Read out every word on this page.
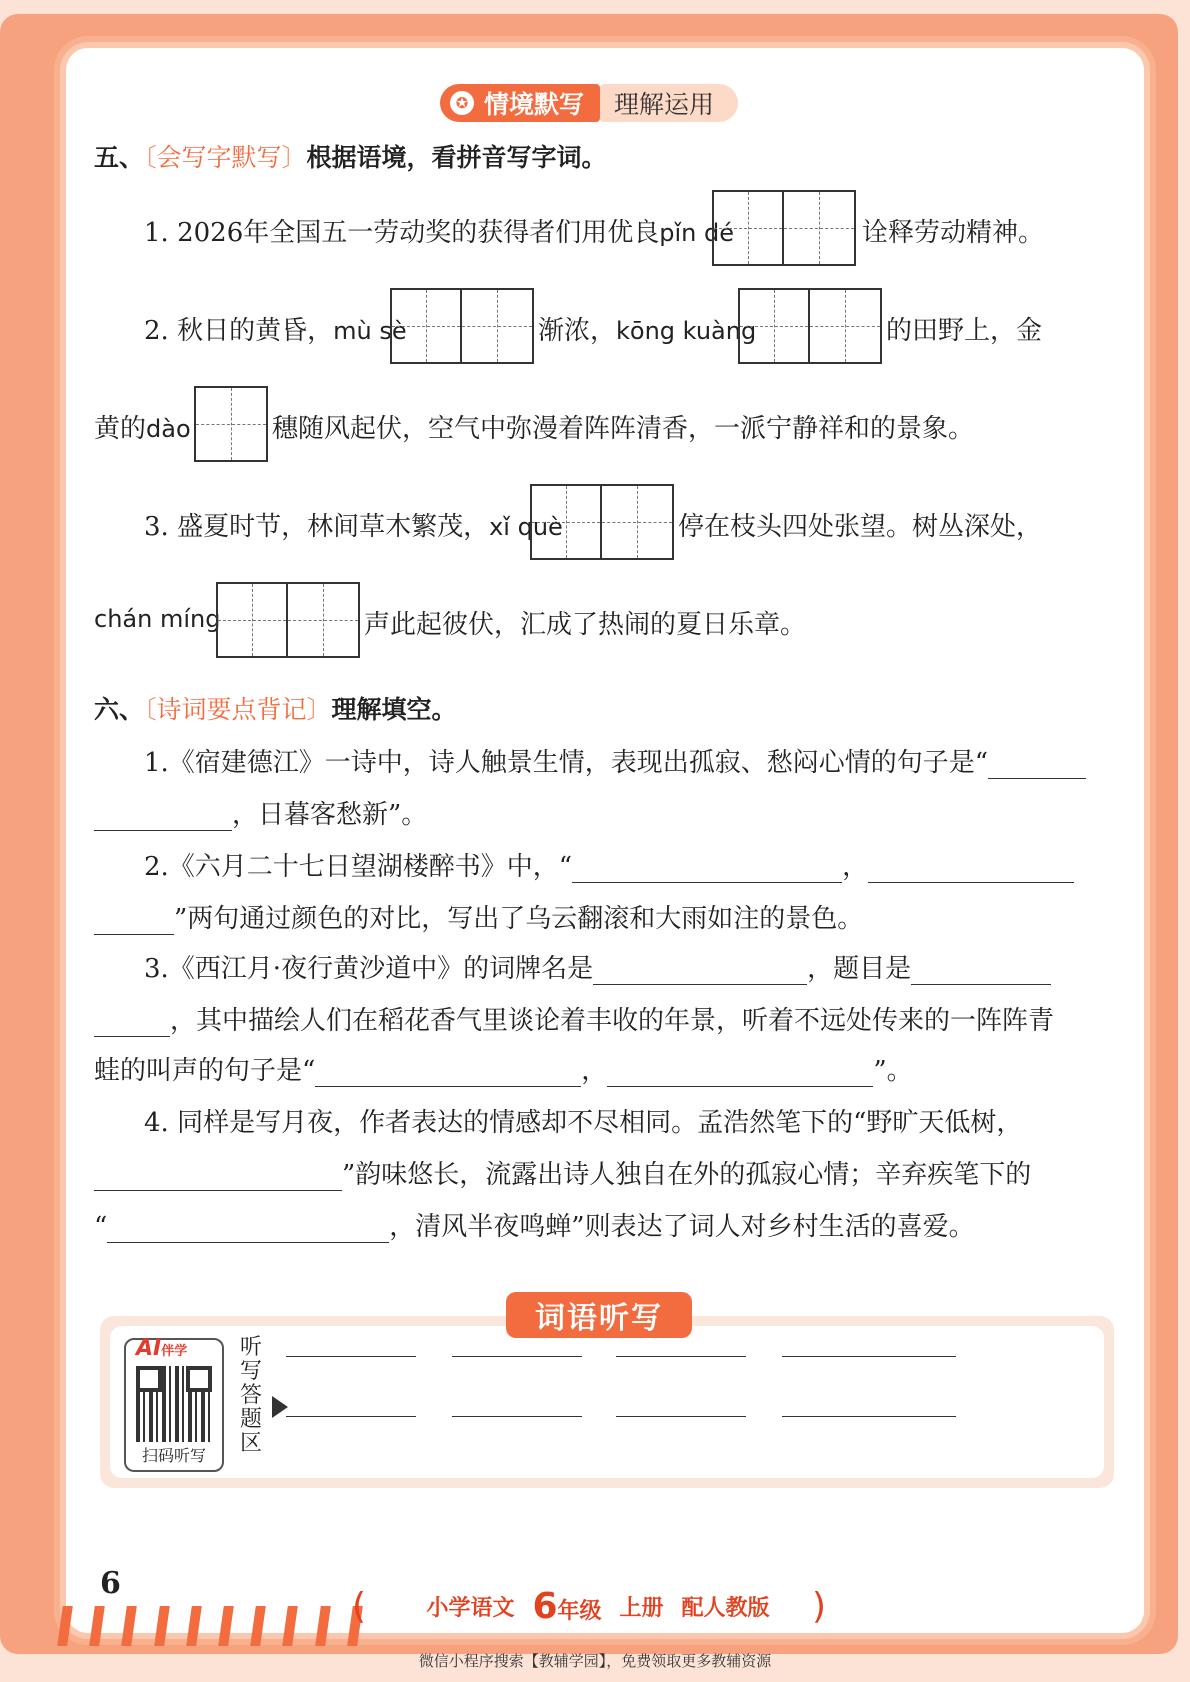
✪ 情境默写 理解运用
五、〔会写字默写〕根据语境，看拼音写字词。
1. 2026年全国五一劳动奖的获得者们用优良pǐn dé	诠释劳动精神。
2. 秋日的黄昏，mù sè	渐浓，kōng kuàng	的田野上，金
黄的dào	穗随风起伏，空气中弥漫着阵阵清香，一派宁静祥和的景象。
3. 盛夏时节，林间草木繁茂，xǐ què	停在枝头四处张望。树丛深处，
chán míng	声此起彼伏，汇成了热闹的夏日乐章。
六、〔诗词要点背记〕理解填空。
1.《宿建德江》一诗中，诗人触景生情，表现出孤寂、愁闷心情的句子是“
，日暮客愁新”。
2.《六月二十七日望湖楼醉书》中，“	，
”两句通过颜色的对比，写出了乌云翻滚和大雨如注的景色。
3.《西江月·夜行黄沙道中》的词牌名是	，题目是
，其中描绘人们在稻花香气里谈论着丰收的年景，听着不远处传来的一阵阵青
蛙的叫声的句子是“	，	”。
4. 同样是写月夜，作者表达的情感却不尽相同。孟浩然笔下的“野旷天低树，
”韵味悠长，流露出诗人独自在外的孤寂心情；辛弃疾笔下的
“	，清风半夜鸣蝉”则表达了词人对乡村生活的喜爱。
词语听写
AI伴学
扫码听写
听写答题区
6
(	小学语文 6年级 上册 配人教版 )
微信小程序搜索【教辅学园】，免费领取更多教辅资源
